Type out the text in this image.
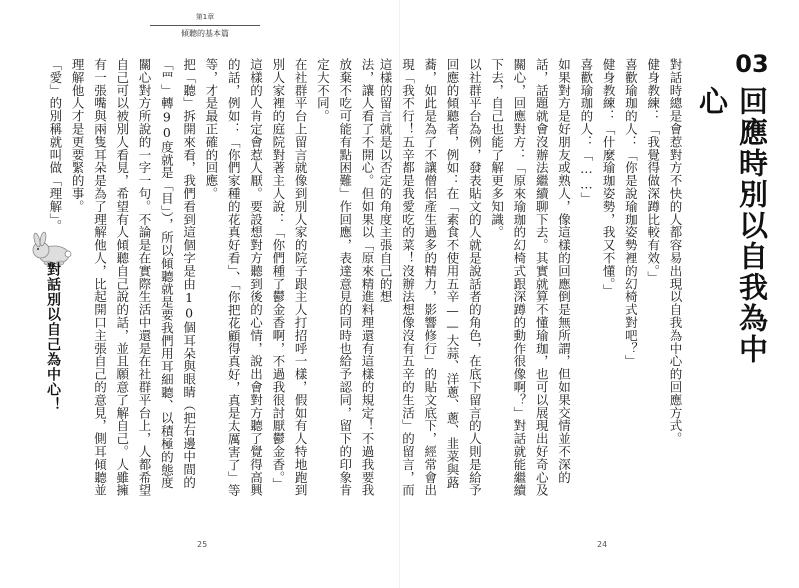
第1章
傾聽的基本篇
03
回應時別以自我為中心

對話時總是會惹對方不快的人都容易出現以自我為中心的回應方式。

健身教練：「我覺得做深蹲比較有效。」

喜歡瑜珈的人：「你是說瑜珈姿勢裡的幻椅式對吧？」

健身教練：「什麼瑜珈姿勢，我又不懂。」

喜歡瑜珈的人：「……」

如果對方是好朋友或熟人，像這樣的回應倒是無所謂，但如果交情並不深的話，話題就會沒辦法繼續聊下去。其實就算不懂瑜珈，也可以展現出好奇心及關心，回應對方：「原來瑜珈的幻椅式跟深蹲的動作很像啊？」對話就能繼續下去，自己也能了解更多知識。

以社群平台為例，發表貼文的人就是說話者的角色，在底下留言的人則是給予回應的傾聽者，例如：在「素食不使用五辛——大蒜、洋蔥、蔥、韭菜與蕗蕎，如此是為了不讓僧侶產生過多的精力，影響修行」的貼文底下，經常會出現「我不行！五辛都是我愛吃的菜！沒辦法想像沒有五辛的生活」的留言，而這樣的留言就是以否定的角度主張自己的想

法，讓人看了不開心。但如果以「原來精進料理還有這樣的規定！不過我要我放棄不吃可能有點困難」作回應，表達意見的同時也給予認同，留下的印象肯定大不同。

在社群平台上留言就像到別人家的院子跟主人打招呼一樣，假如有人特地跑到別人家裡的庭院對著主人說：「你們種了鬱金香啊，不過我很討厭鬱金香。」這樣的人肯定會惹人厭。要設想對方聽到後的心情，說出會對方聽了覺得高興的話，例如：「你們家種的花真好看」、「你把花顧得真好，真是太厲害了」等等，才是最正確的回應。

把「聽」拆開來看，我們看到這個字是由10個耳朵與眼睛（把右邊中間的「罒」轉90度就是「目」），所以傾聽就是要我們用耳細聽、以積極的態度關心對方所說的一字一句。不論是在實際生活中還是在社群平台上，人都希望自己可以被別人看見，希望有人傾聽自己說的話，並且願意了解自己。人雖擁有一張嘴與兩隻耳朵是為了理解他人，比起開口主張自己的意見，側耳傾聽並理解他人才是更要緊的事。

「愛」的別稱就叫做「理解」。

對話別以自己為中心！
25	24
